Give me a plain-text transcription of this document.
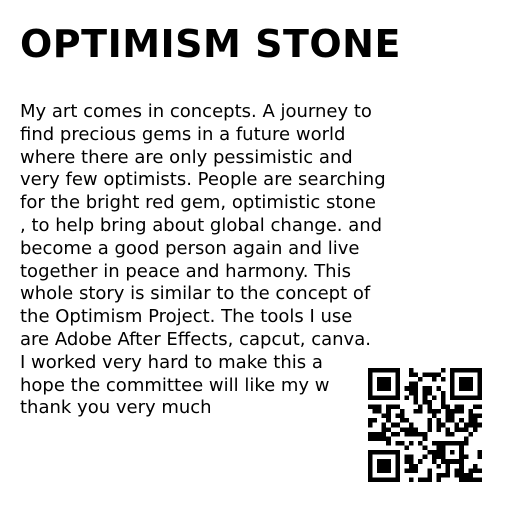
OPTIMISM STONE
My art comes in concepts. A journey to
find precious gems in a future world
where there are only pessimistic and
very few optimists. People are searching
for the bright red gem, optimistic stone
, to help bring about global change. and
become a good person again and live
together in peace and harmony. This
whole story is similar to the concept of
the Optimism Project. The tools I use
are Adobe After Effects, capcut, canva.
I worked very hard to make this a
hope the committee will like my w
thank you very much
